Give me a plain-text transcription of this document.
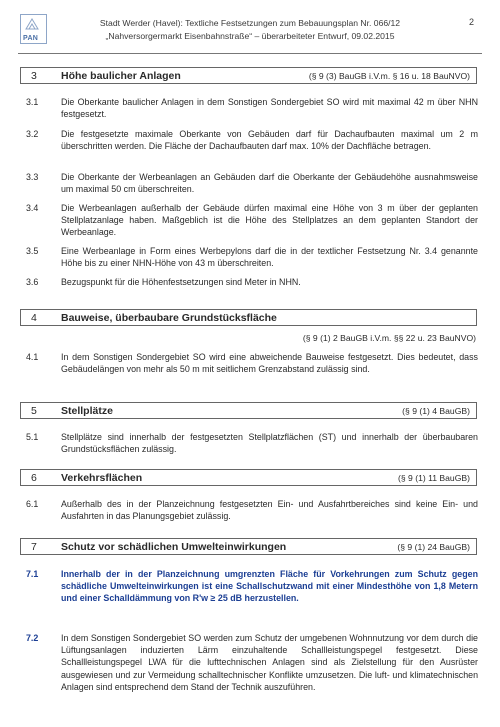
PAN
Stadt Werder (Havel): Textliche Festsetzungen zum Bebauungsplan Nr. 066/12
„Nahversorgermarkt Eisenbahnstraße“ – überarbeiteter Entwurf, 09.02.2015
2
3 Höhe baulicher Anlagen	(§ 9 (3) BauGB i.V.m. § 16 u. 18 BauNVO)
3.1	Die Oberkante baulicher Anlagen in dem Sonstigen Sondergebiet SO wird mit maximal 42 m über NHN festgesetzt.
3.2	Die festgesetzte maximale Oberkante von Gebäuden darf für Dachaufbauten maximal um 2 m überschritten werden. Die Fläche der Dachaufbauten darf max. 10% der Dachfläche betragen.
3.3	Die Oberkante der Werbeanlagen an Gebäuden darf die Oberkante der Gebäudehöhe ausnahmsweise um maximal 50 cm überschreiten.
3.4	Die Werbeanlagen außerhalb der Gebäude dürfen maximal eine Höhe von 3 m über der geplanten Stellplatzanlage haben. Maßgeblich ist die Höhe des Stellplatzes an dem geplanten Standort der Werbeanlage.
3.5	Eine Werbeanlage in Form eines Werbepylons darf die in der textlicher Festsetzung Nr. 3.4 genannte Höhe bis zu einer NHN-Höhe von 43 m überschreiten.
3.6	Bezugspunkt für die Höhenfestsetzungen sind Meter in NHN.
4 Bauweise, überbaubare Grundstücksfläche
(§ 9 (1) 2 BauGB i.V.m. §§ 22 u. 23 BauNVO)
4.1	In dem Sonstigen Sondergebiet SO wird eine abweichende Bauweise festgesetzt. Dies bedeutet, dass Gebäudelängen von mehr als 50 m mit seitlichem Grenzabstand zulässig sind.
5 Stellplätze	(§ 9 (1) 4 BauGB)
5.1	Stellplätze sind innerhalb der festgesetzten Stellplatzflächen (ST) und innerhalb der überbaubaren Grundstücksflächen zulässig.
6 Verkehrsflächen	(§ 9 (1) 11 BauGB)
6.1	Außerhalb des in der Planzeichnung festgesetzten Ein- und Ausfahrtbereiches sind keine Ein- und Ausfahrten in das Planungsgebiet zulässig.
7 Schutz vor schädlichen Umwelteinwirkungen	(§ 9 (1) 24 BauGB)
7.1	Innerhalb der in der Planzeichnung umgrenzten Fläche für Vorkehrungen zum Schutz gegen schädliche Umwelteinwirkungen ist eine Schallschutzwand mit einer Mindesthöhe von 1,8 Metern und einer Schalldämmung von R'w ≥ 25 dB herzustellen.
7.2	In dem Sonstigen Sondergebiet SO werden zum Schutz der umgebenen Wohnnutzung vor dem durch die Lüftungsanlagen induzierten Lärm einzuhaltende Schallleistungspegel festgesetzt. Diese Schallleistungspegel LWA für die lufttechnischen Anlagen sind als Zielstellung für den Ausrüster ausgewiesen und zur Vermeidung schalltechnischer Konflikte umzusetzen. Die luft- und klimatechnischen Anlagen sind entsprechend dem Stand der Technik auszuführen.
